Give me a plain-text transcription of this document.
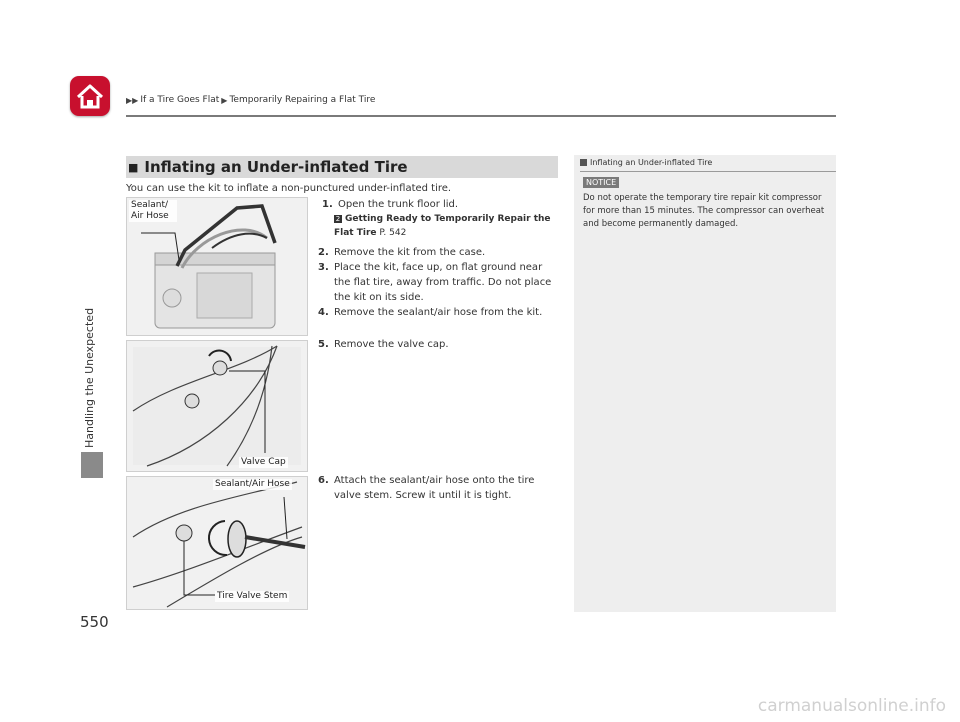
▶▶ If a Tire Goes Flat ▶ Temporarily Repairing a Flat Tire
Handling the Unexpected
550
■ Inflating an Under-inflated Tire
You can use the kit to inflate a non-punctured under-inflated tire.
Sealant/ Air Hose
Valve Cap
Sealant/Air Hose
Tire Valve Stem
1. Open the trunk floor lid.
2 Getting Ready to Temporarily Repair the Flat Tire P. 542
2. Remove the kit from the case.
3. Place the kit, face up, on flat ground near the flat tire, away from traffic. Do not place the kit on its side.
4. Remove the sealant/air hose from the kit.
5. Remove the valve cap.
6. Attach the sealant/air hose onto the tire valve stem. Screw it until it is tight.
Inflating an Under-inflated Tire
NOTICE
Do not operate the temporary tire repair kit compressor for more than 15 minutes. The compressor can overheat and become permanently damaged.
carmanualsonline.info
